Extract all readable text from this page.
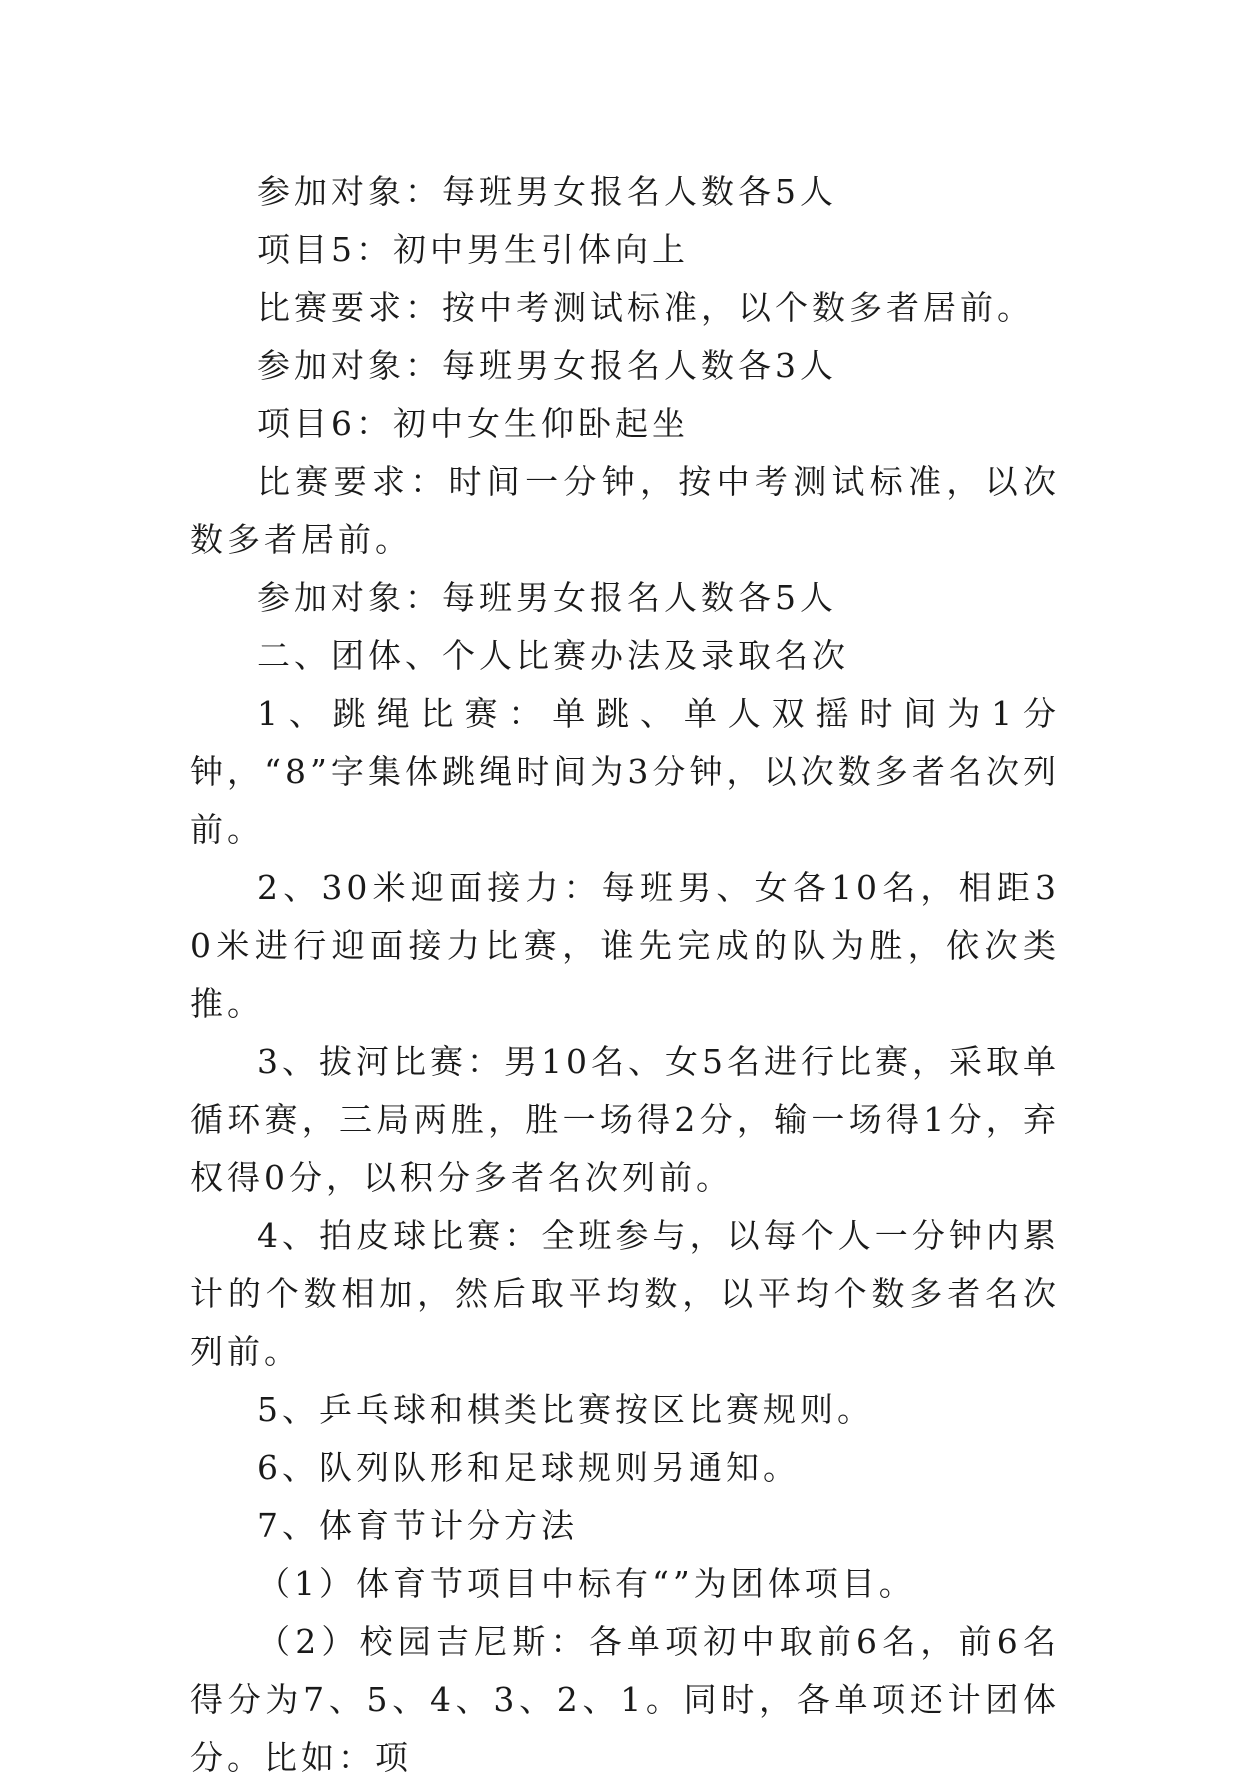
参加对象：每班男女报名人数各5人

项目5：初中男生引体向上

比赛要求：按中考测试标准，以个数多者居前。

参加对象：每班男女报名人数各3人

项目6：初中女生仰卧起坐

比赛要求：时间一分钟，按中考测试标准，以次数多者居前。

参加对象：每班男女报名人数各5人

二、团体、个人比赛办法及录取名次

1、跳绳比赛：单跳、单人双摇时间为1分钟，“8”字集体跳绳时间为3分钟，以次数多者名次列前。

2、30米迎面接力：每班男、女各10名，相距30米进行迎面接力比赛，谁先完成的队为胜，依次类推。

3、拔河比赛：男10名、女5名进行比赛，采取单循环赛，三局两胜，胜一场得2分，输一场得1分，弃权得0分，以积分多者名次列前。

4、拍皮球比赛：全班参与，以每个人一分钟内累计的个数相加，然后取平均数，以平均个数多者名次列前。

5、乒乓球和棋类比赛按区比赛规则。

6、队列队形和足球规则另通知。

7、体育节计分方法

（1）体育节项目中标有“”为团体项目。

（2）校园吉尼斯：各单项初中取前6名，前6名得分为7、5、4、3、2、1。同时，各单项还计团体分。比如：项
